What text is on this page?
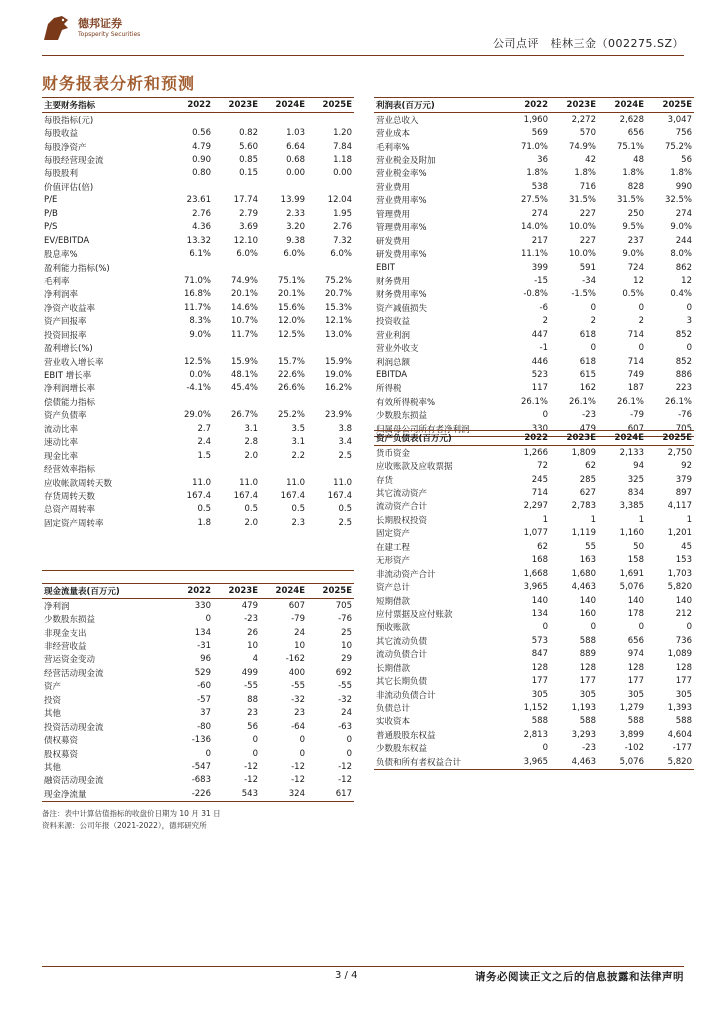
德邦证券
Topsperity Securities
公司点评　桂林三金（002275.SZ）
财务报表分析和预测
主要财务指标	2022	2023E	2024E	2025E
每股指标(元)				
每股收益	0.56	0.82	1.03	1.20
每股净资产	4.79	5.60	6.64	7.84
每股经营现金流	0.90	0.85	0.68	1.18
每股股利	0.80	0.15	0.00	0.00
价值评估(倍)				
P/E	23.61	17.74	13.99	12.04
P/B	2.76	2.79	2.33	1.95
P/S	4.36	3.69	3.20	2.76
EV/EBITDA	13.32	12.10	9.38	7.32
股息率%	6.1%	6.0%	6.0%	6.0%
盈利能力指标(%)				
毛利率	71.0%	74.9%	75.1%	75.2%
净利润率	16.8%	20.1%	20.1%	20.7%
净资产收益率	11.7%	14.6%	15.6%	15.3%
资产回报率	8.3%	10.7%	12.0%	12.1%
投资回报率	9.0%	11.7%	12.5%	13.0%
盈利增长(%)				
营业收入增长率	12.5%	15.9%	15.7%	15.9%
EBIT 增长率	0.0%	48.1%	22.6%	19.0%
净利润增长率	-4.1%	45.4%	26.6%	16.2%
偿债能力指标				
资产负债率	29.0%	26.7%	25.2%	23.9%
流动比率	2.7	3.1	3.5	3.8
速动比率	2.4	2.8	3.1	3.4
现金比率	1.5	2.0	2.2	2.5
经营效率指标				
应收帐款周转天数	11.0	11.0	11.0	11.0
存货周转天数	167.4	167.4	167.4	167.4
总资产周转率	0.5	0.5	0.5	0.5
固定资产周转率	1.8	2.0	2.3	2.5

利润表(百万元)	2022	2023E	2024E	2025E
营业总收入	1,960	2,272	2,628	3,047
营业成本	569	570	656	756
毛利率%	71.0%	74.9%	75.1%	75.2%
营业税金及附加	36	42	48	56
营业税金率%	1.8%	1.8%	1.8%	1.8%
营业费用	538	716	828	990
营业费用率%	27.5%	31.5%	31.5%	32.5%
管理费用	274	227	250	274
管理费用率%	14.0%	10.0%	9.5%	9.0%
研发费用	217	227	237	244
研发费用率%	11.1%	10.0%	9.0%	8.0%
EBIT	399	591	724	862
财务费用	-15	-34	12	12
财务费用率%	-0.8%	-1.5%	0.5%	0.4%
资产减值损失	-6	0	0	0
投资收益	2	2	2	3
营业利润	447	618	714	852
营业外收支	-1	0	0	0
利润总额	446	618	714	852
EBITDA	523	615	749	886
所得税	117	162	187	223
有效所得税率%	26.1%	26.1%	26.1%	26.1%
少数股东损益	0	-23	-79	-76
归属母公司所有者净利润	330	479	607	705
资产负债表(百万元)	2022	2023E	2024E	2025E
货币资金	1,266	1,809	2,133	2,750
应收账款及应收票据	72	62	94	92
存货	245	285	325	379
其它流动资产	714	627	834	897
流动资产合计	2,297	2,783	3,385	4,117
长期股权投资	1	1	1	1
固定资产	1,077	1,119	1,160	1,201
在建工程	62	55	50	45
无形资产	168	163	158	153
非流动资产合计	1,668	1,680	1,691	1,703
资产总计	3,965	4,463	5,076	5,820
短期借款	140	140	140	140
应付票据及应付账款	134	160	178	212
预收账款	0	0	0	0
其它流动负债	573	588	656	736
流动负债合计	847	889	974	1,089
长期借款	128	128	128	128
其它长期负债	177	177	177	177
非流动负债合计	305	305	305	305
负债总计	1,152	1,193	1,279	1,393
实收资本	588	588	588	588
普通股股东权益	2,813	3,293	3,899	4,604
少数股东权益	0	-23	-102	-177
负债和所有者权益合计	3,965	4,463	5,076	5,820
现金流量表(百万元)	2022	2023E	2024E	2025E
净利润	330	479	607	705
少数股东损益	0	-23	-79	-76
非现金支出	134	26	24	25
非经营收益	-31	10	10	10
营运资金变动	96	4	-162	29
经营活动现金流	529	499	400	692
资产	-60	-55	-55	-55
投资	-57	88	-32	-32
其他	37	23	23	24
投资活动现金流	-80	56	-64	-63
债权募资	-136	0	0	0
股权募资	0	0	0	0
其他	-547	-12	-12	-12
融资活动现金流	-683	-12	-12	-12
现金净流量	-226	543	324	617
备注：表中计算估值指标的收盘价日期为 10 月 31 日
资料来源：公司年报（2021-2022），德邦研究所
3 / 4	请务必阅读正文之后的信息披露和法律声明
